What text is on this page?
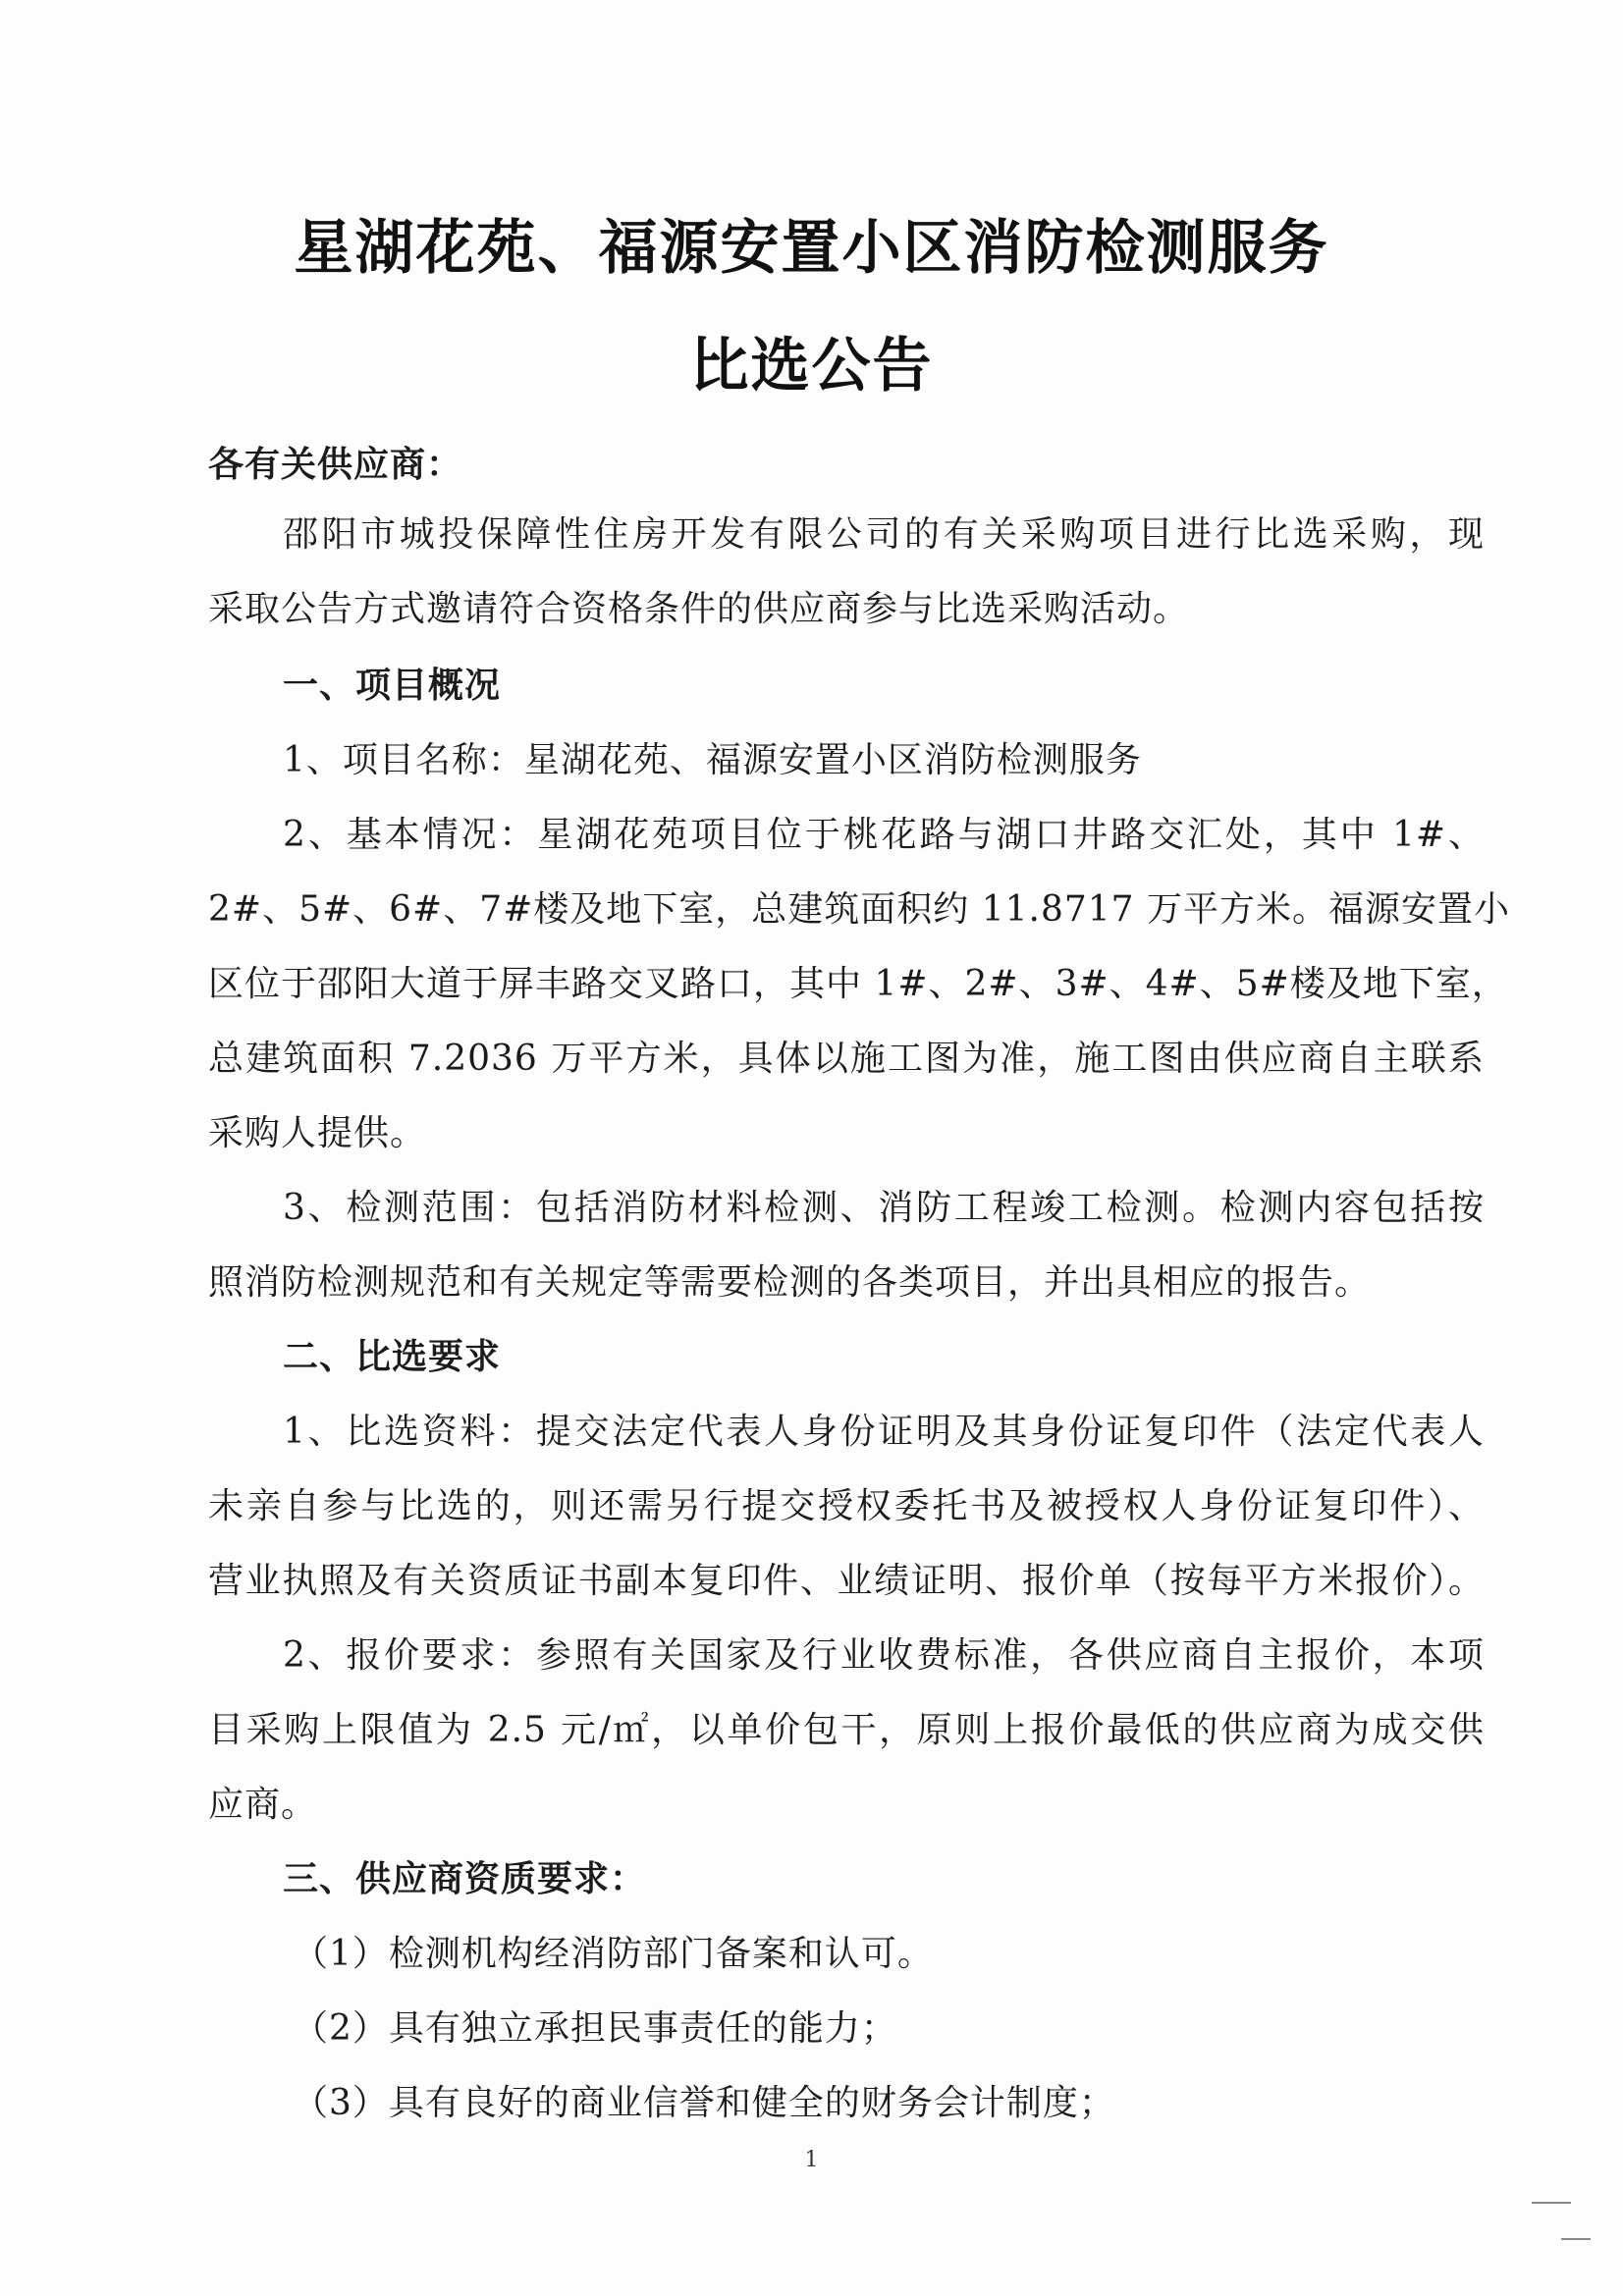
星湖花苑、福源安置小区消防检测服务
比选公告
各有关供应商：
邵阳市城投保障性住房开发有限公司的有关采购项目进行比选采购，现
采取公告方式邀请符合资格条件的供应商参与比选采购活动。
一、项目概况
1、项目名称：星湖花苑、福源安置小区消防检测服务
2、基本情况：星湖花苑项目位于桃花路与湖口井路交汇处，其中 1#、
2#、5#、6#、7#楼及地下室，总建筑面积约 11.8717 万平方米。福源安置小
区位于邵阳大道于屏丰路交叉路口，其中 1#、2#、3#、4#、5#楼及地下室，
总建筑面积 7.2036 万平方米，具体以施工图为准，施工图由供应商自主联系
采购人提供。
3、检测范围：包括消防材料检测、消防工程竣工检测。检测内容包括按
照消防检测规范和有关规定等需要检测的各类项目，并出具相应的报告。
二、比选要求
1、比选资料：提交法定代表人身份证明及其身份证复印件（法定代表人
未亲自参与比选的，则还需另行提交授权委托书及被授权人身份证复印件）、
营业执照及有关资质证书副本复印件、业绩证明、报价单（按每平方米报价）。
2、报价要求：参照有关国家及行业收费标准，各供应商自主报价，本项
目采购上限值为 2.5 元/㎡，以单价包干，原则上报价最低的供应商为成交供
应商。
三、供应商资质要求：
（1）检测机构经消防部门备案和认可。
（2）具有独立承担民事责任的能力；
（3）具有良好的商业信誉和健全的财务会计制度；
1
